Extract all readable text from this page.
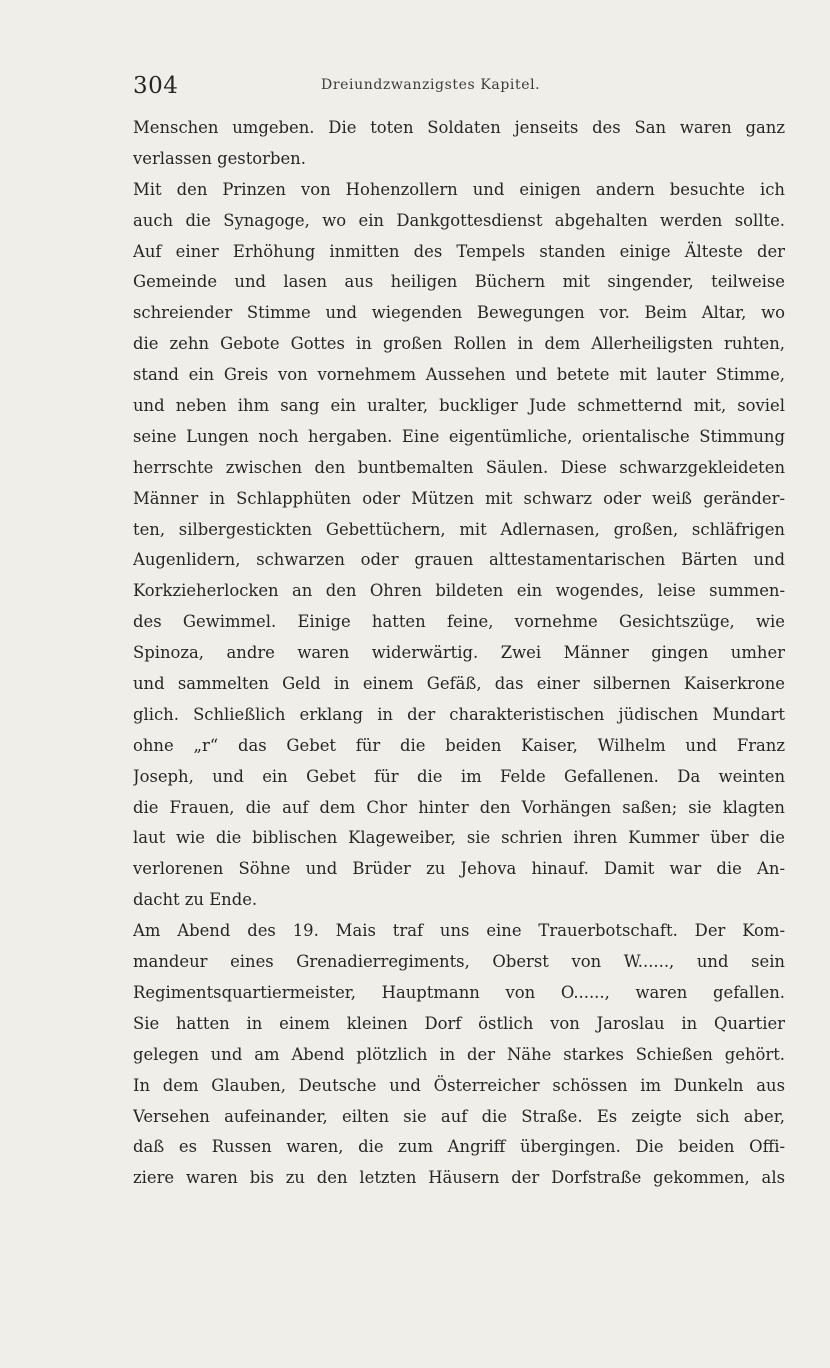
304	Dreiundzwanzigstes Kapitel.
Menschen umgeben. Die toten Soldaten jenseits des San waren ganz
verlassen gestorben.
Mit den Prinzen von Hohenzollern und einigen andern besuchte ich
auch die Synagoge, wo ein Dankgottesdienst abgehalten werden sollte.
Auf einer Erhöhung inmitten des Tempels standen einige Älteste der
Gemeinde und lasen aus heiligen Büchern mit singender, teilweise
schreiender Stimme und wiegenden Bewegungen vor. Beim Altar, wo
die zehn Gebote Gottes in großen Rollen in dem Allerheiligsten ruhten,
stand ein Greis von vornehmem Aussehen und betete mit lauter Stimme,
und neben ihm sang ein uralter, buckliger Jude schmetternd mit, soviel
seine Lungen noch hergaben. Eine eigentümliche, orientalische Stimmung
herrschte zwischen den buntbemalten Säulen. Diese schwarzgekleideten
Männer in Schlapphüten oder Mützen mit schwarz oder weiß geränder-
ten, silbergestickten Gebettüchern, mit Adlernasen, großen, schläfrigen
Augenlidern, schwarzen oder grauen alttestamentarischen Bärten und
Korkzieherlocken an den Ohren bildeten ein wogendes, leise summen-
des Gewimmel. Einige hatten feine, vornehme Gesichtszüge, wie
Spinoza, andre waren widerwärtig. Zwei Männer gingen umher
und sammelten Geld in einem Gefäß, das einer silbernen Kaiserkrone
glich. Schließlich erklang in der charakteristischen jüdischen Mundart
ohne „r“ das Gebet für die beiden Kaiser, Wilhelm und Franz
Joseph, und ein Gebet für die im Felde Gefallenen. Da weinten
die Frauen, die auf dem Chor hinter den Vorhängen saßen; sie klagten
laut wie die biblischen Klageweiber, sie schrien ihren Kummer über die
verlorenen Söhne und Brüder zu Jehova hinauf. Damit war die An-
dacht zu Ende.
Am Abend des 19. Mais traf uns eine Trauerbotschaft. Der Kom-
mandeur eines Grenadierregiments, Oberst von W......, und sein
Regimentsquartiermeister, Hauptmann von O......, waren gefallen.
Sie hatten in einem kleinen Dorf östlich von Jaroslau in Quartier
gelegen und am Abend plötzlich in der Nähe starkes Schießen gehört.
In dem Glauben, Deutsche und Österreicher schössen im Dunkeln aus
Versehen aufeinander, eilten sie auf die Straße. Es zeigte sich aber,
daß es Russen waren, die zum Angriff übergingen. Die beiden Offi-
ziere waren bis zu den letzten Häusern der Dorfstraße gekommen, als
